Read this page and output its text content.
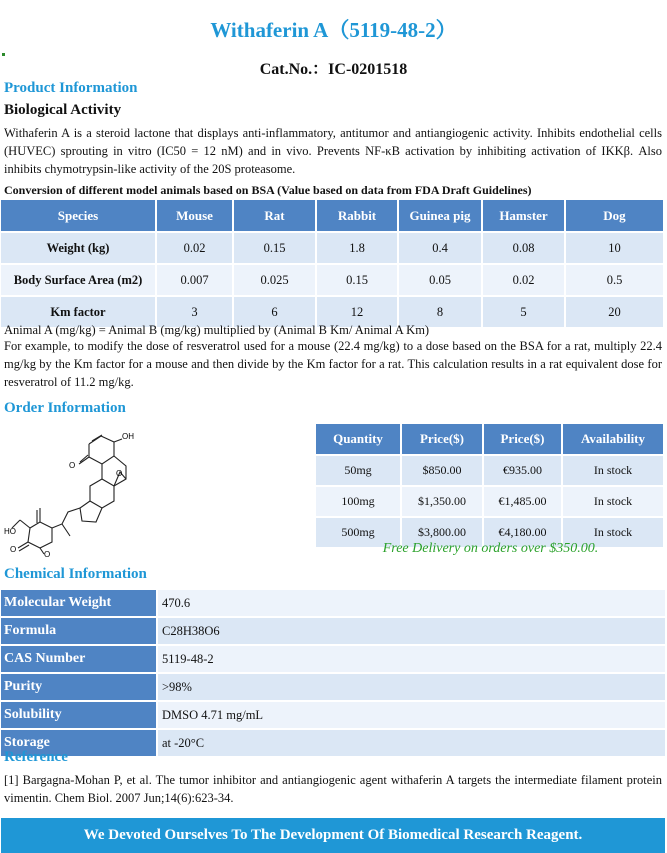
Withaferin A（5119-48-2）
Cat.No.：IC-0201518
Product Information
Biological Activity
Withaferin A is a steroid lactone that displays anti-inflammatory, antitumor and antiangiogenic activity. Inhibits endothelial cells (HUVEC) sprouting in vitro (IC50 = 12 nM) and in vivo. Prevents NF-κB activation by inhibiting activation of IKKβ. Also inhibits chymotrypsin-like activity of the 20S proteasome.
Conversion of different model animals based on BSA (Value based on data from FDA Draft Guidelines)
Species	Mouse	Rat	Rabbit	Guinea pig	Hamster	Dog
Weight (kg)	0.02	0.15	1.8	0.4	0.08	10
Body Surface Area (m2)	0.007	0.025	0.15	0.05	0.02	0.5
Km factor	3	6	12	8	5	20
Animal A (mg/kg) = Animal B (mg/kg) multiplied by (Animal B Km/ Animal A Km)
For example, to modify the dose of resveratrol used for a mouse (22.4 mg/kg) to a dose based on the BSA for a rat, multiply 22.4 mg/kg by the Km factor for a mouse and then divide by the Km factor for a rat. This calculation results in a rat equivalent dose for resveratrol of 11.2 mg/kg.
Order Information
OH
O
O
HO
O
O
Quantity	Price($)	Price($)	Availability
50mg	$850.00	€935.00	In stock
100mg	$1,350.00	€1,485.00	In stock
500mg	$3,800.00	€4,180.00	In stock
Free Delivery on orders over $350.00.
Chemical Information
Molecular Weight	470.6
Formula	C28H38O6
CAS Number	5119-48-2
Purity	>98%
Solubility	DMSO 4.71 mg/mL
Storage	at -20°C
Reference
[1] Bargagna-Mohan P, et al. The tumor inhibitor and antiangiogenic agent withaferin A targets the intermediate filament protein vimentin. Chem Biol. 2007 Jun;14(6):623-34.
We Devoted Ourselves To The Development Of Biomedical Research Reagent.
